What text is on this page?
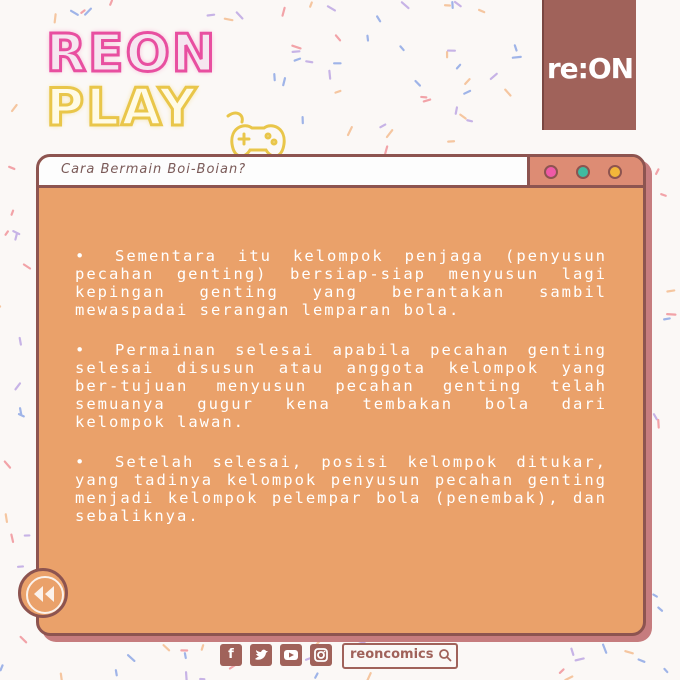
REON
PLAY
re:ON
Cara Bermain Boi-Boian?
• Sementara itu kelompok penjaga (penyusun pecahan genting) bersiap-siap menyusun lagi kepingan genting yang berantakan sambil mewaspadai serangan lemparan bola.
• Permainan selesai apabila pecahan genting selesai disusun atau anggota kelompok yang ber-tujuan menyusun pecahan genting telah semuanya gugur kena tembakan bola dari kelompok lawan.
• Setelah selesai, posisi kelompok ditukar, yang tadinya kelompok penyusun pecahan genting menjadi kelompok pelempar bola (penembak), dan sebaliknya.
f	reoncomics
